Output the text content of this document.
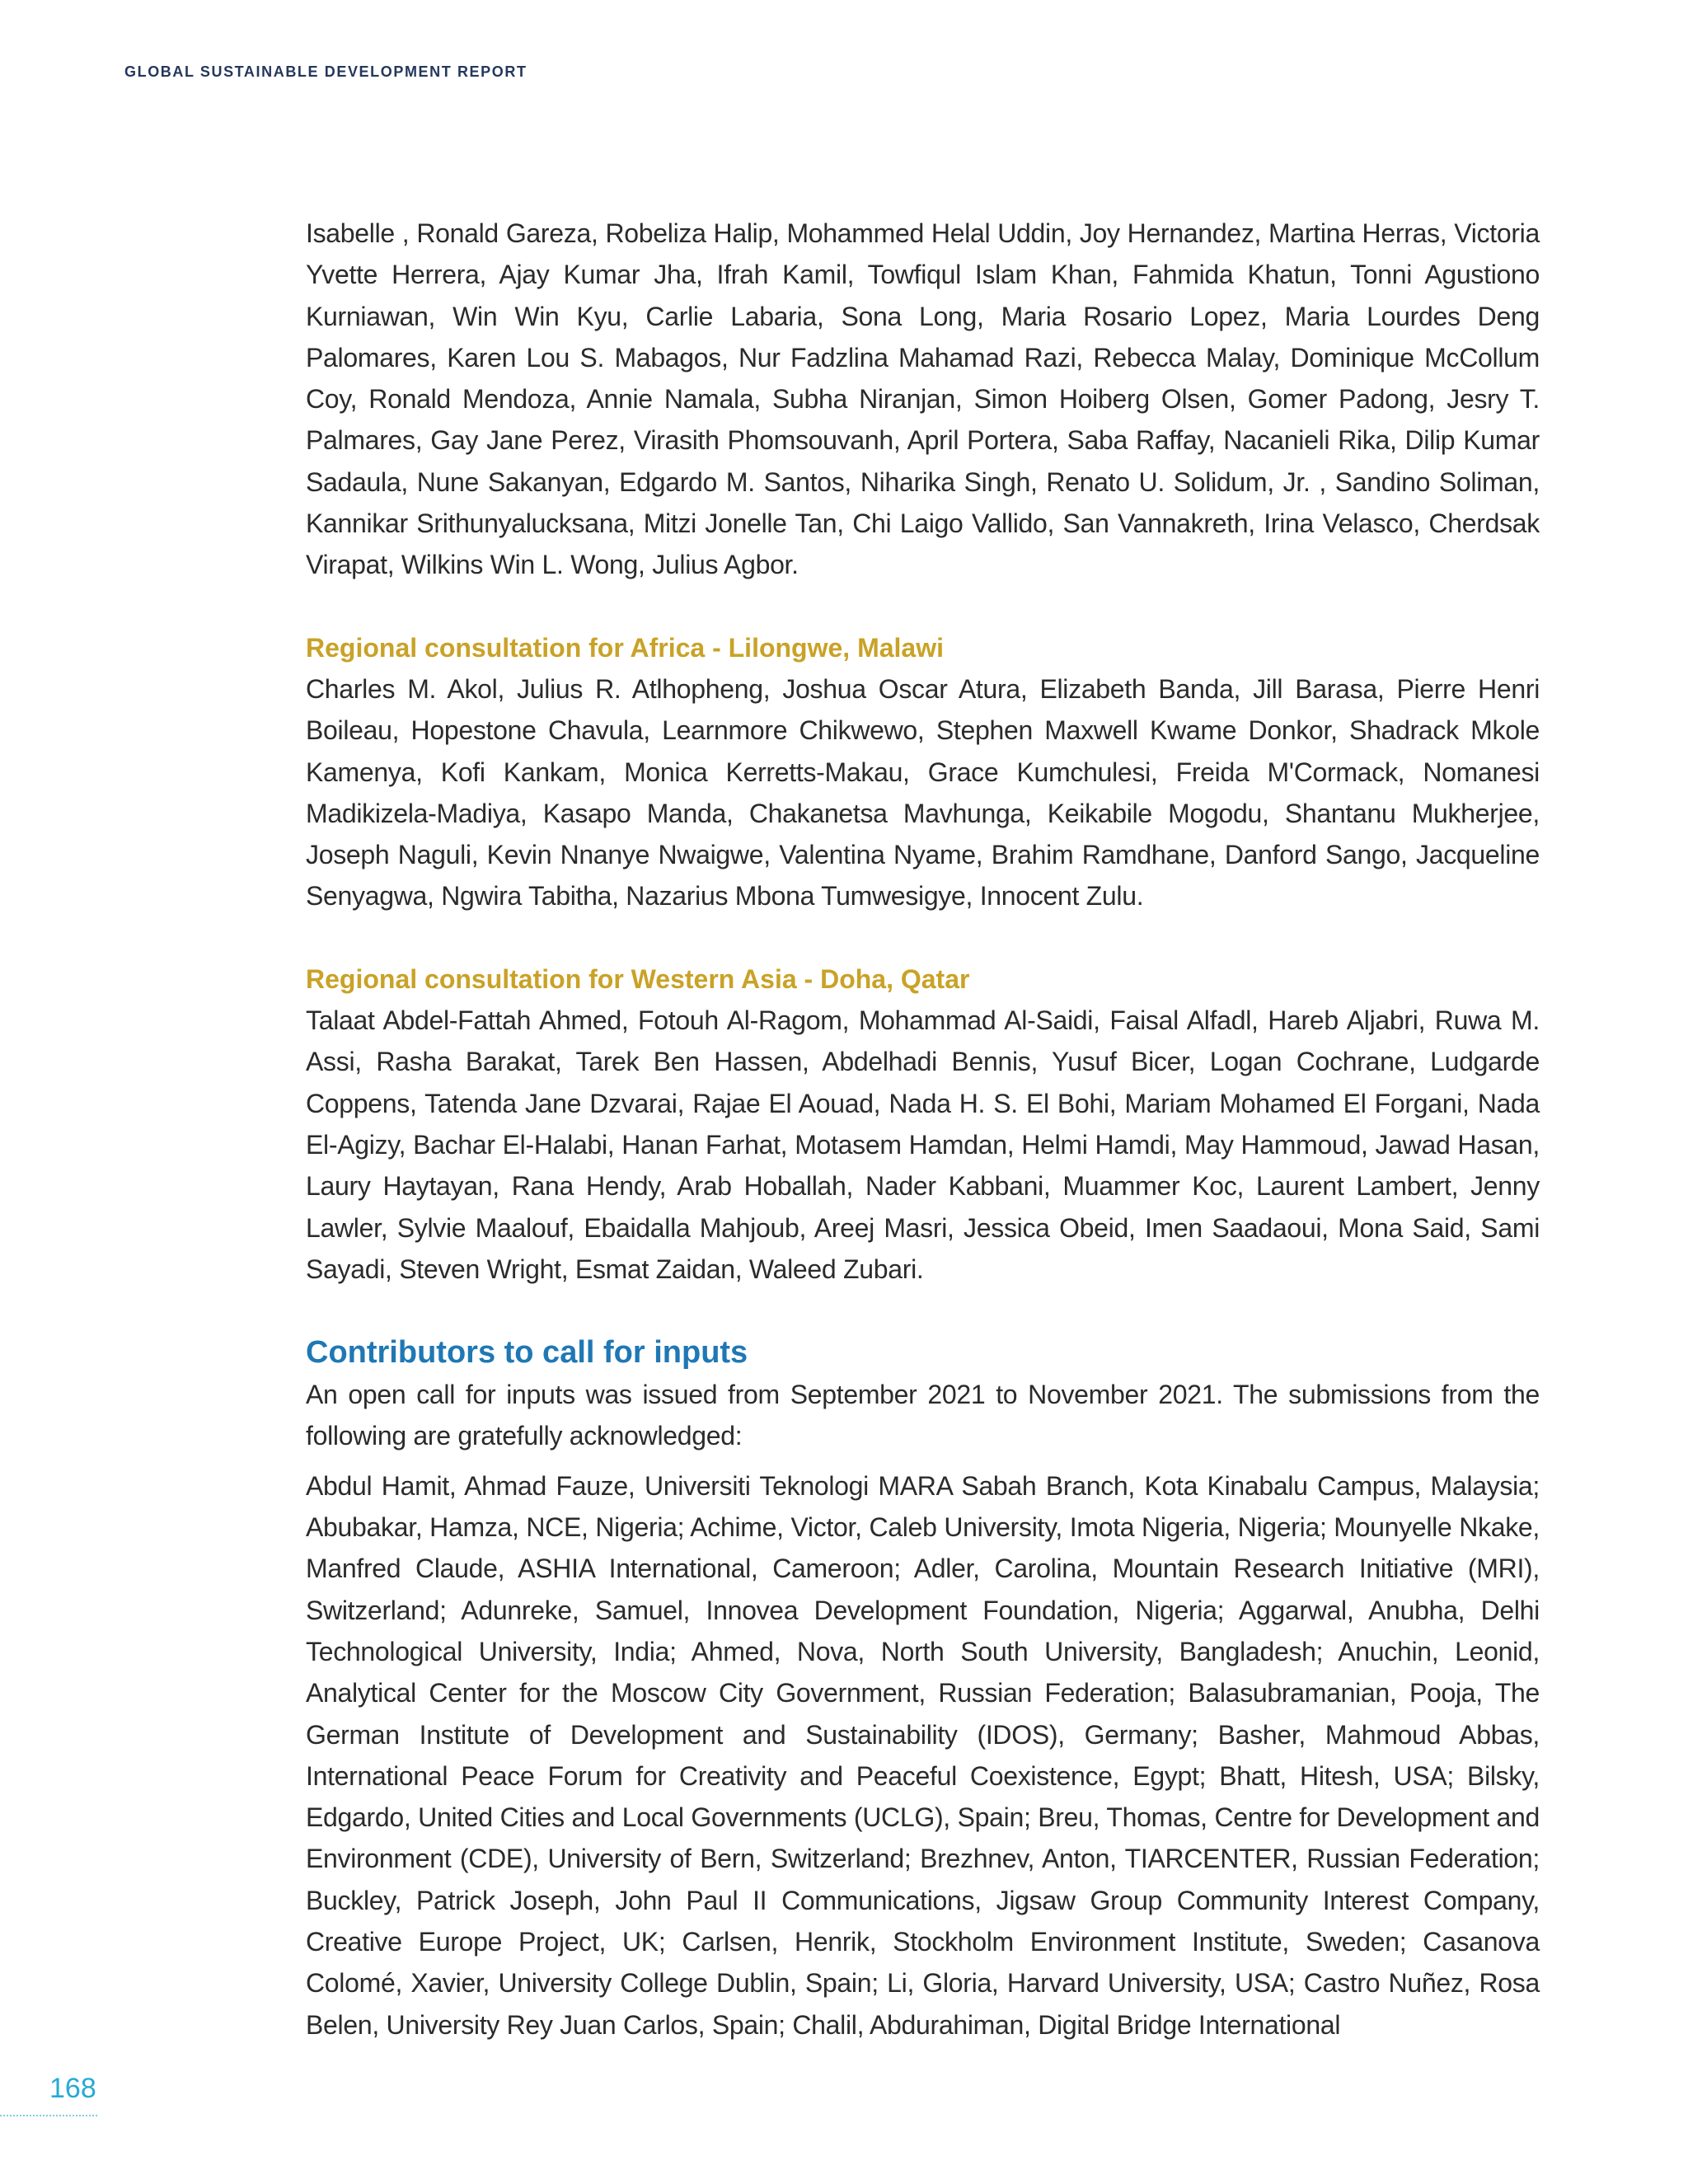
GLOBAL SUSTAINABLE DEVELOPMENT REPORT

Isabelle , Ronald Gareza, Robeliza Halip, Mohammed Helal Uddin, Joy Hernandez, Martina Herras, Victoria Yvette Herrera, Ajay Kumar Jha, Ifrah Kamil, Towfiqul Islam Khan, Fahmida Khatun, Tonni Agustiono Kurniawan, Win Win Kyu, Carlie Labaria, Sona Long, Maria Rosario Lopez, Maria Lourdes Deng Palomares, Karen Lou S. Mabagos, Nur Fadzlina Mahamad Razi, Rebecca Malay, Dominique McCollum Coy, Ronald Mendoza, Annie Namala, Subha Niranjan, Simon Hoiberg Olsen, Gomer Padong, Jesry T. Palmares, Gay Jane Perez, Virasith Phomsouvanh, April Portera, Saba Raffay, Nacanieli Rika, Dilip Kumar Sadaula, Nune Sakanyan, Edgardo M. Santos, Niharika Singh, Renato U. Solidum, Jr. , Sandino Soliman, Kannikar Srithunyalucksana, Mitzi Jonelle Tan, Chi Laigo Vallido, San Vannakreth, Irina Velasco, Cherdsak Virapat, Wilkins Win L. Wong, Julius Agbor.

Regional consultation for Africa - Lilongwe, Malawi

Charles M. Akol, Julius R. Atlhopheng, Joshua Oscar Atura, Elizabeth Banda, Jill Barasa, Pierre Henri Boileau, Hopestone Chavula, Learnmore Chikwewo, Stephen Maxwell Kwame Donkor, Shadrack Mkole Kamenya, Kofi Kankam, Monica Kerretts-Makau, Grace Kumchulesi, Freida M'Cormack, Nomanesi Madikizela-Madiya, Kasapo Manda, Chakanetsa Mavhunga, Keikabile Mogodu, Shantanu Mukherjee, Joseph Naguli, Kevin Nnanye Nwaigwe, Valentina Nyame, Brahim Ramdhane, Danford Sango, Jacqueline Senyagwa, Ngwira Tabitha, Nazarius Mbona Tumwesigye, Innocent Zulu.

Regional consultation for Western Asia - Doha, Qatar

Talaat Abdel-Fattah Ahmed, Fotouh Al-Ragom, Mohammad Al-Saidi, Faisal Alfadl, Hareb Aljabri, Ruwa M. Assi, Rasha Barakat, Tarek Ben Hassen, Abdelhadi Bennis, Yusuf Bicer, Logan Cochrane, Ludgarde Coppens, Tatenda Jane Dzvarai, Rajae El Aouad, Nada H. S. El Bohi, Mariam Mohamed El Forgani, Nada El-Agizy, Bachar El-Halabi, Hanan Farhat, Motasem Hamdan, Helmi Hamdi, May Hammoud, Jawad Hasan, Laury Haytayan, Rana Hendy, Arab Hoballah, Nader Kabbani, Muammer Koc, Laurent Lambert, Jenny Lawler, Sylvie Maalouf, Ebaidalla Mahjoub, Areej Masri, Jessica Obeid, Imen Saadaoui, Mona Said, Sami Sayadi, Steven Wright, Esmat Zaidan, Waleed Zubari.

Contributors to call for inputs

An open call for inputs was issued from September 2021 to November 2021. The submissions from the following are gratefully acknowledged:

Abdul Hamit, Ahmad Fauze, Universiti Teknologi MARA Sabah Branch, Kota Kinabalu Campus, Malaysia; Abubakar, Hamza, NCE, Nigeria; Achime, Victor, Caleb University, Imota Nigeria, Nigeria; Mounyelle Nkake, Manfred Claude, ASHIA International, Cameroon; Adler, Carolina, Mountain Research Initiative (MRI), Switzerland; Adunreke, Samuel, Innovea Development Foundation, Nigeria; Aggarwal, Anubha, Delhi Technological University, India; Ahmed, Nova, North South University, Bangladesh; Anuchin, Leonid, Analytical Center for the Moscow City Government, Russian Federation; Balasubramanian, Pooja, The German Institute of Development and Sustainability (IDOS), Germany; Basher, Mahmoud Abbas, International Peace Forum for Creativity and Peaceful Coexistence, Egypt; Bhatt, Hitesh, USA; Bilsky, Edgardo, United Cities and Local Governments (UCLG), Spain; Breu, Thomas, Centre for Development and Environment (CDE), University of Bern, Switzerland; Brezhnev, Anton, TIARCENTER, Russian Federation; Buckley, Patrick Joseph, John Paul II Communications, Jigsaw Group Community Interest Company, Creative Europe Project, UK; Carlsen, Henrik, Stockholm Environment Institute, Sweden; Casanova Colomé, Xavier, University College Dublin, Spain; Li, Gloria, Harvard University, USA; Castro Nuñez, Rosa Belen, University Rey Juan Carlos, Spain; Chalil, Abdurahiman, Digital Bridge International

168
